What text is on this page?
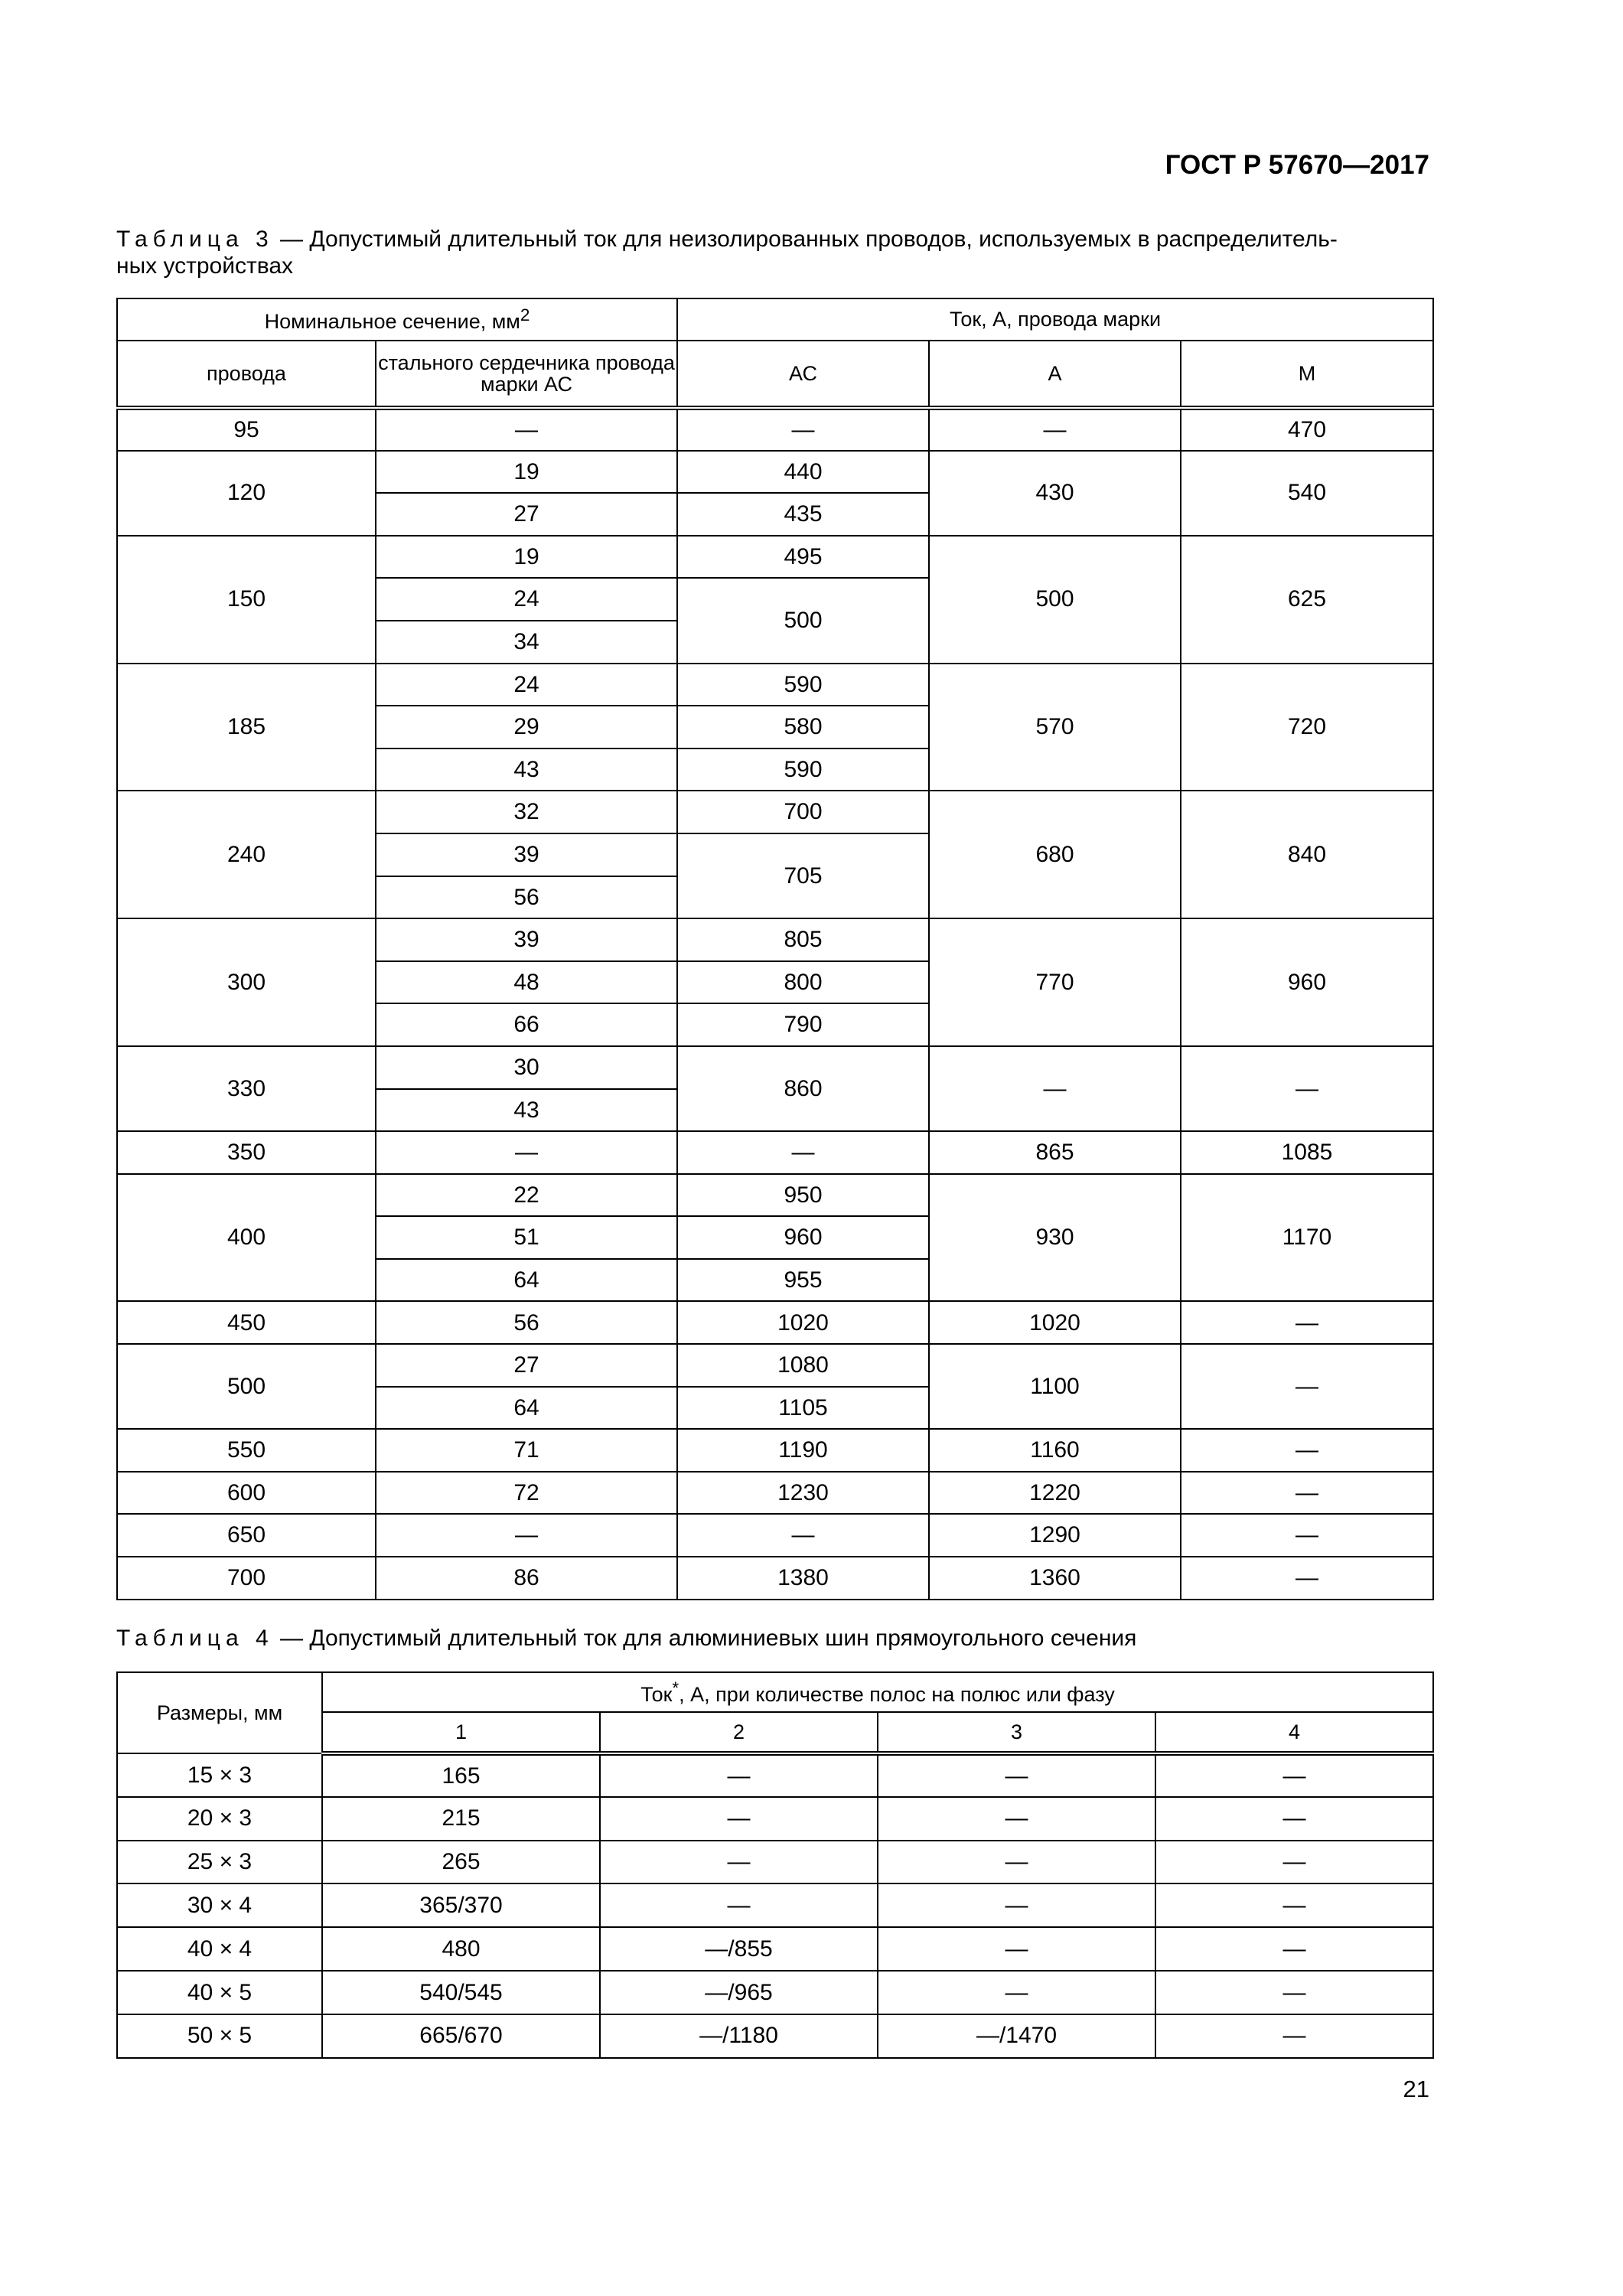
ГОСТ Р 57670—2017
Таблица 3 — Допустимый длительный ток для неизолированных проводов, используемых в распределитель-
ных устройствах
Номинальное сечение, $мм^2$		Ток, А, провода марки		
провода	стального сердечника провода марки АС	АС	А	М
95	—	—	—	470
120	19	440	430	540
	27	435		
150	19	495	500	625
	24	500		
	34			
185	24	590	570	720
	29	580		
	43	590		
240	32	700	680	840
	39	705		
	56			
300	39	805	770	960
	48	800		
	66	790		
330	30	860	—	—
	43			
350	—	—	865	1085
400	22	950	930	1170
	51	960		
	64	955		
450	56	1020	1020	—
500	27	1080	1100	—
	64	1105		
550	71	1190	1160	—
600	72	1230	1220	—
650	—	—	1290	—
700	86	1380	1360	—
Таблица 4 — Допустимый длительный ток для алюминиевых шин прямоугольного сечения
Размеры, мм	Ток*, А, при количестве полос на полюс или фазу			
	1	2	3	4
15 × 3	165	—	—	—
20 × 3	215	—	—	—
25 × 3	265	—	—	—
30 × 4	365/370	—	—	—
40 × 4	480	—/855	—	—
40 × 5	540/545	—/965	—	—
50 × 5	665/670	—/1180	—/1470	—
21
